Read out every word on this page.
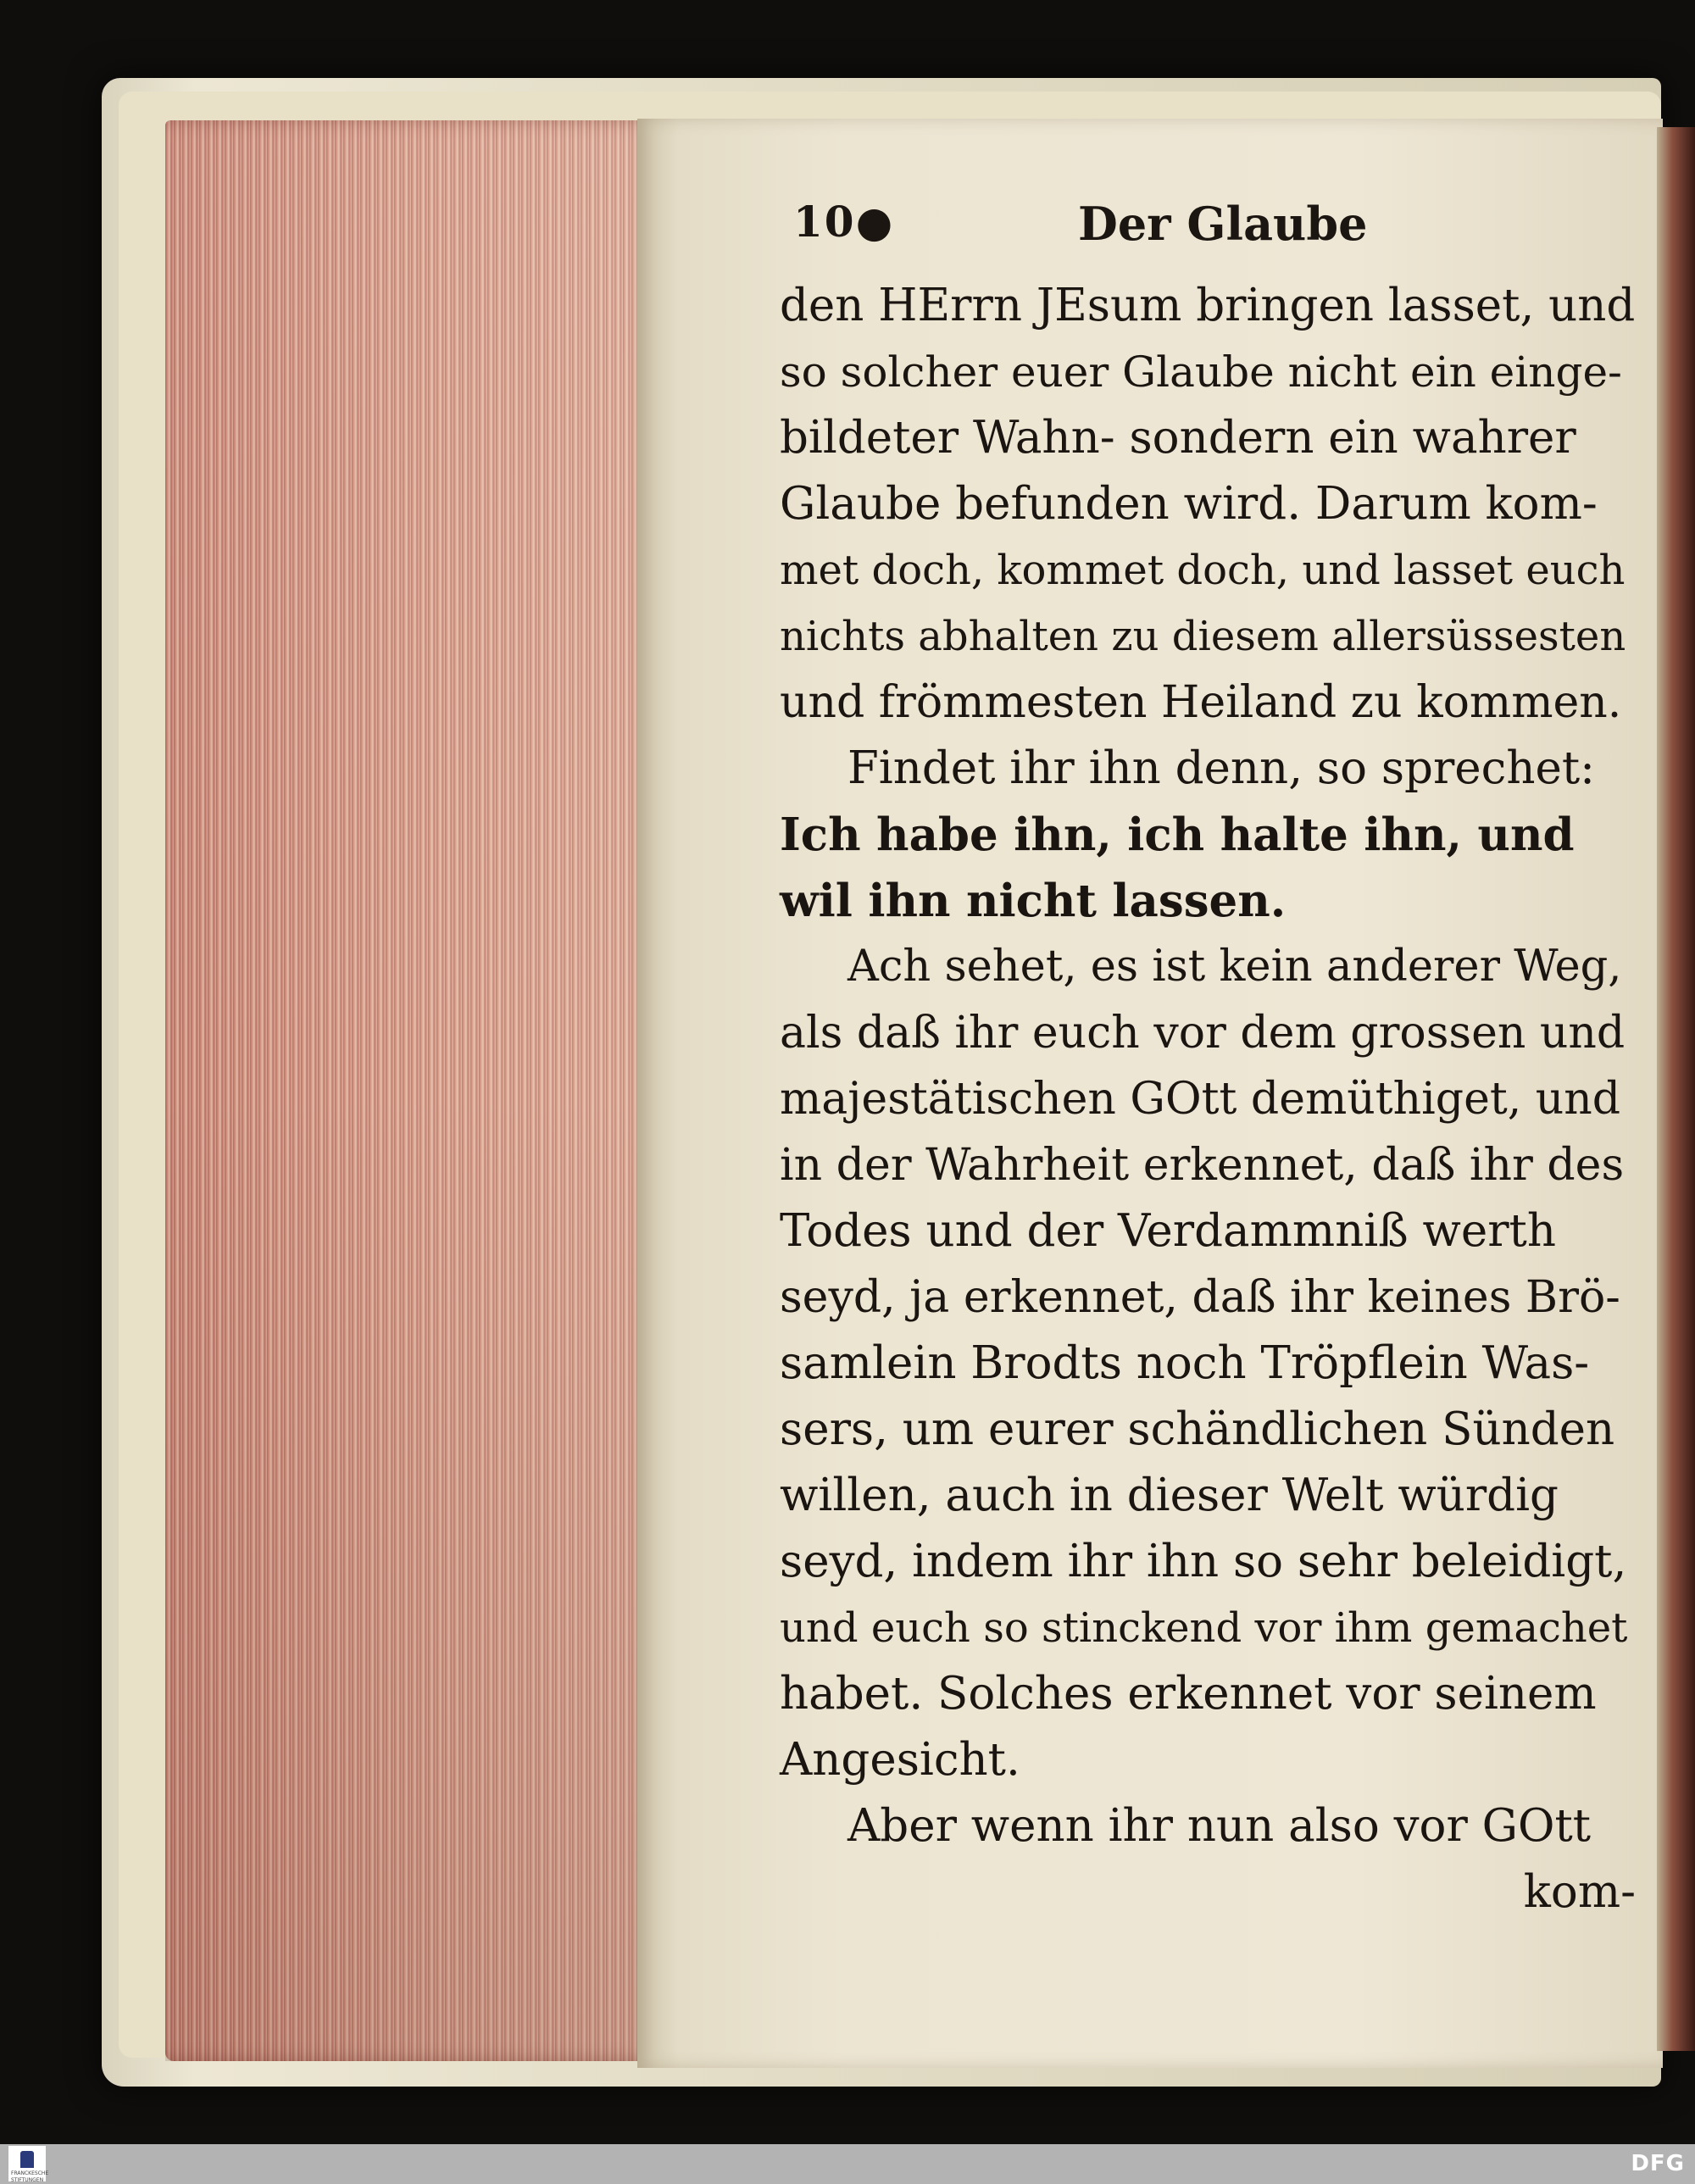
10●	Der Glaube
den HErrn JEsum bringen lasset, und
so solcher euer Glaube nicht ein einge-
bildeter Wahn- sondern ein wahrer
Glaube befunden wird. Darum kom-
met doch, kommet doch, und lasset euch
nichts abhalten zu diesem allersüssesten
und frömmesten Heiland zu kommen.
Findet ihr ihn denn, so sprechet:
Ich habe ihn, ich halte ihn, und
wil ihn nicht lassen.
Ach sehet, es ist kein anderer Weg,
als daß ihr euch vor dem grossen und
majestätischen GOtt demüthiget, und
in der Wahrheit erkennet, daß ihr des
Todes und der Verdammniß werth
seyd, ja erkennet, daß ihr keines Brö-
samlein Brodts noch Tröpflein Was-
sers, um eurer schändlichen Sünden
willen, auch in dieser Welt würdig
seyd, indem ihr ihn so sehr beleidigt,
und euch so stinckend vor ihm gemachet
habet. Solches erkennet vor seinem
Angesicht.
Aber wenn ihr nun also vor GOtt
kom-
FRANCKESCHE STIFTUNGEN
DFG
